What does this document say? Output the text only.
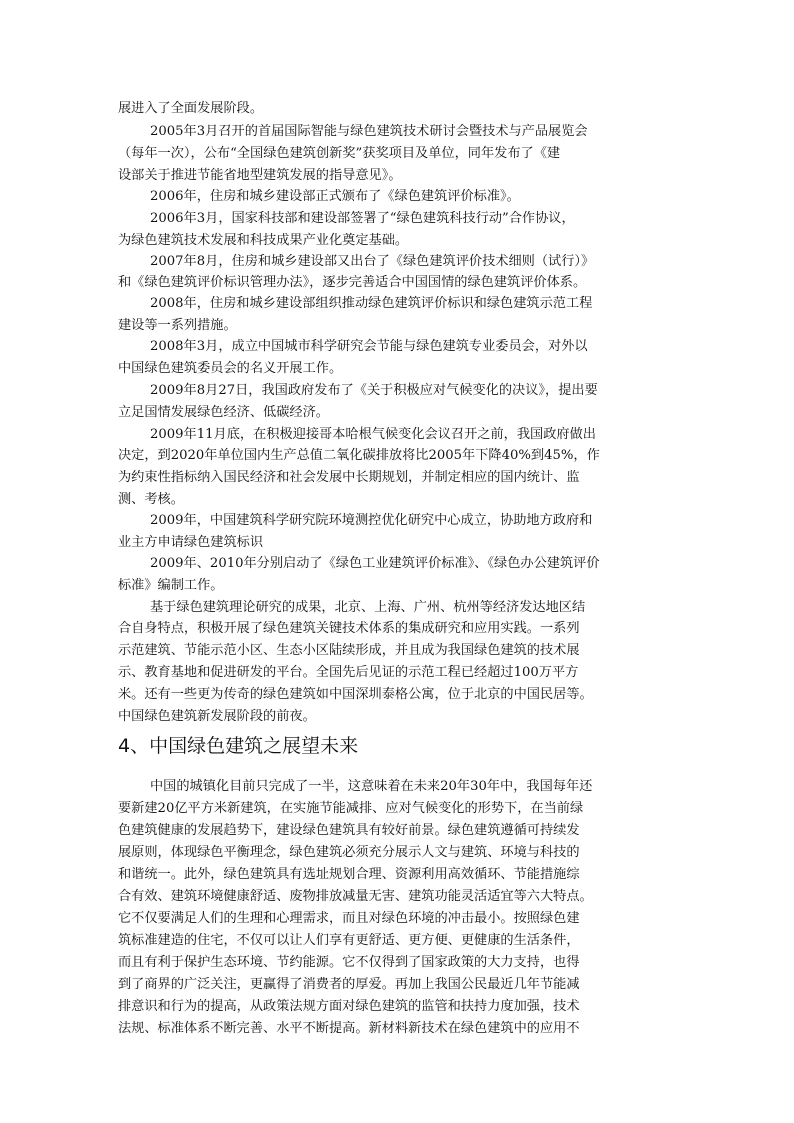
展进入了全面发展阶段。
2005年3月召开的首届国际智能与绿色建筑技术研讨会暨技术与产品展览会
（每年一次），公布“全国绿色建筑创新奖”获奖项目及单位，同年发布了《建
设部关于推进节能省地型建筑发展的指导意见》。
2006年，住房和城乡建设部正式颁布了《绿色建筑评价标准》。
2006年3月，国家科技部和建设部签署了“绿色建筑科技行动”合作协议，
为绿色建筑技术发展和科技成果产业化奠定基础。
2007年8月，住房和城乡建设部又出台了《绿色建筑评价技术细则（试行）》
和《绿色建筑评价标识管理办法》，逐步完善适合中国国情的绿色建筑评价体系。
2008年，住房和城乡建设部组织推动绿色建筑评价标识和绿色建筑示范工程
建设等一系列措施。
2008年3月，成立中国城市科学研究会节能与绿色建筑专业委员会，对外以
中国绿色建筑委员会的名义开展工作。
2009年8月27日，我国政府发布了《关于积极应对气候变化的决议》，提出要
立足国情发展绿色经济、低碳经济。
2009年11月底，在积极迎接哥本哈根气候变化会议召开之前，我国政府做出
决定，到2020年单位国内生产总值二氧化碳排放将比2005年下降40%到45%，作
为约束性指标纳入国民经济和社会发展中长期规划，并制定相应的国内统计、监
测、考核。
2009年，中国建筑科学研究院环境测控优化研究中心成立，协助地方政府和
业主方申请绿色建筑标识
2009年、2010年分别启动了《绿色工业建筑评价标准》、《绿色办公建筑评价
标准》编制工作。
基于绿色建筑理论研究的成果，北京、上海、广州、杭州等经济发达地区结
合自身特点，积极开展了绿色建筑关键技术体系的集成研究和应用实践。一系列
示范建筑、节能示范小区、生态小区陆续形成，并且成为我国绿色建筑的技术展
示、教育基地和促进研发的平台。全国先后见证的示范工程已经超过100万平方
米。还有一些更为传奇的绿色建筑如中国深圳泰格公寓，位于北京的中国民居等。
中国绿色建筑新发展阶段的前夜。
4、中国绿色建筑之展望未来
中国的城镇化目前只完成了一半，这意味着在未来20年30年中，我国每年还
要新建20亿平方米新建筑，在实施节能减排、应对气候变化的形势下，在当前绿
色建筑健康的发展趋势下，建设绿色建筑具有较好前景。绿色建筑遵循可持续发
展原则，体现绿色平衡理念，绿色建筑必须充分展示人文与建筑、环境与科技的
和谐统一。此外，绿色建筑具有选址规划合理、资源利用高效循环、节能措施综
合有效、建筑环境健康舒适、废物排放减量无害、建筑功能灵活适宜等六大特点。
它不仅要满足人们的生理和心理需求，而且对绿色环境的冲击最小。按照绿色建
筑标准建造的住宅，不仅可以让人们享有更舒适、更方便、更健康的生活条件，
而且有利于保护生态环境、节约能源。它不仅得到了国家政策的大力支持，也得
到了商界的广泛关注，更赢得了消费者的厚爱。再加上我国公民最近几年节能减
排意识和行为的提高，从政策法规方面对绿色建筑的监管和扶持力度加强，技术
法规、标准体系不断完善、水平不断提高。新材料新技术在绿色建筑中的应用不
